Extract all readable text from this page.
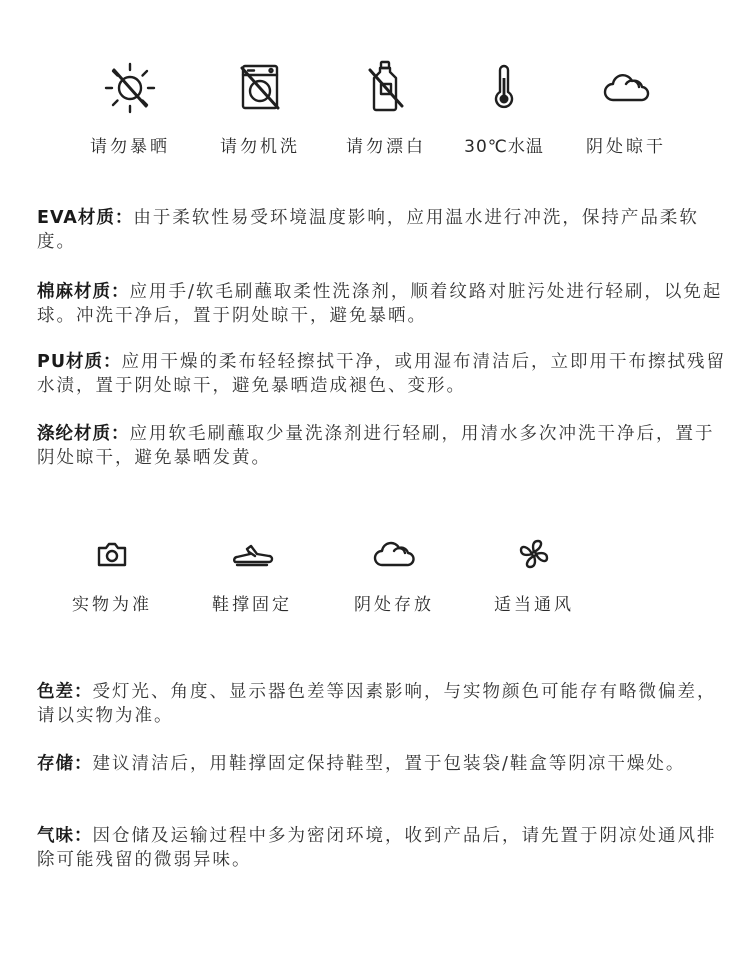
请勿暴晒	请勿机洗	请勿漂白	30℃水温	阴处晾干

EVA材质：由于柔软性易受环境温度影响，应用温水进行冲洗，保持产品柔软度。

棉麻材质：应用手/软毛刷蘸取柔性洗涤剂，顺着纹路对脏污处进行轻刷，以免起球。冲洗干净后，置于阴处晾干，避免暴晒。

PU材质：应用干燥的柔布轻轻擦拭干净，或用湿布清洁后，立即用干布擦拭残留水渍，置于阴处晾干，避免暴晒造成褪色、变形。

涤纶材质：应用软毛刷蘸取少量洗涤剂进行轻刷，用清水多次冲洗干净后，置于阴处晾干，避免暴晒发黄。

实物为准	鞋撑固定	阴处存放	适当通风

色差：受灯光、角度、显示器色差等因素影响，与实物颜色可能存有略微偏差，请以实物为准。

存储：建议清洁后，用鞋撑固定保持鞋型，置于包装袋/鞋盒等阴凉干燥处。

气味：因仓储及运输过程中多为密闭环境，收到产品后，请先置于阴凉处通风排除可能残留的微弱异味。
